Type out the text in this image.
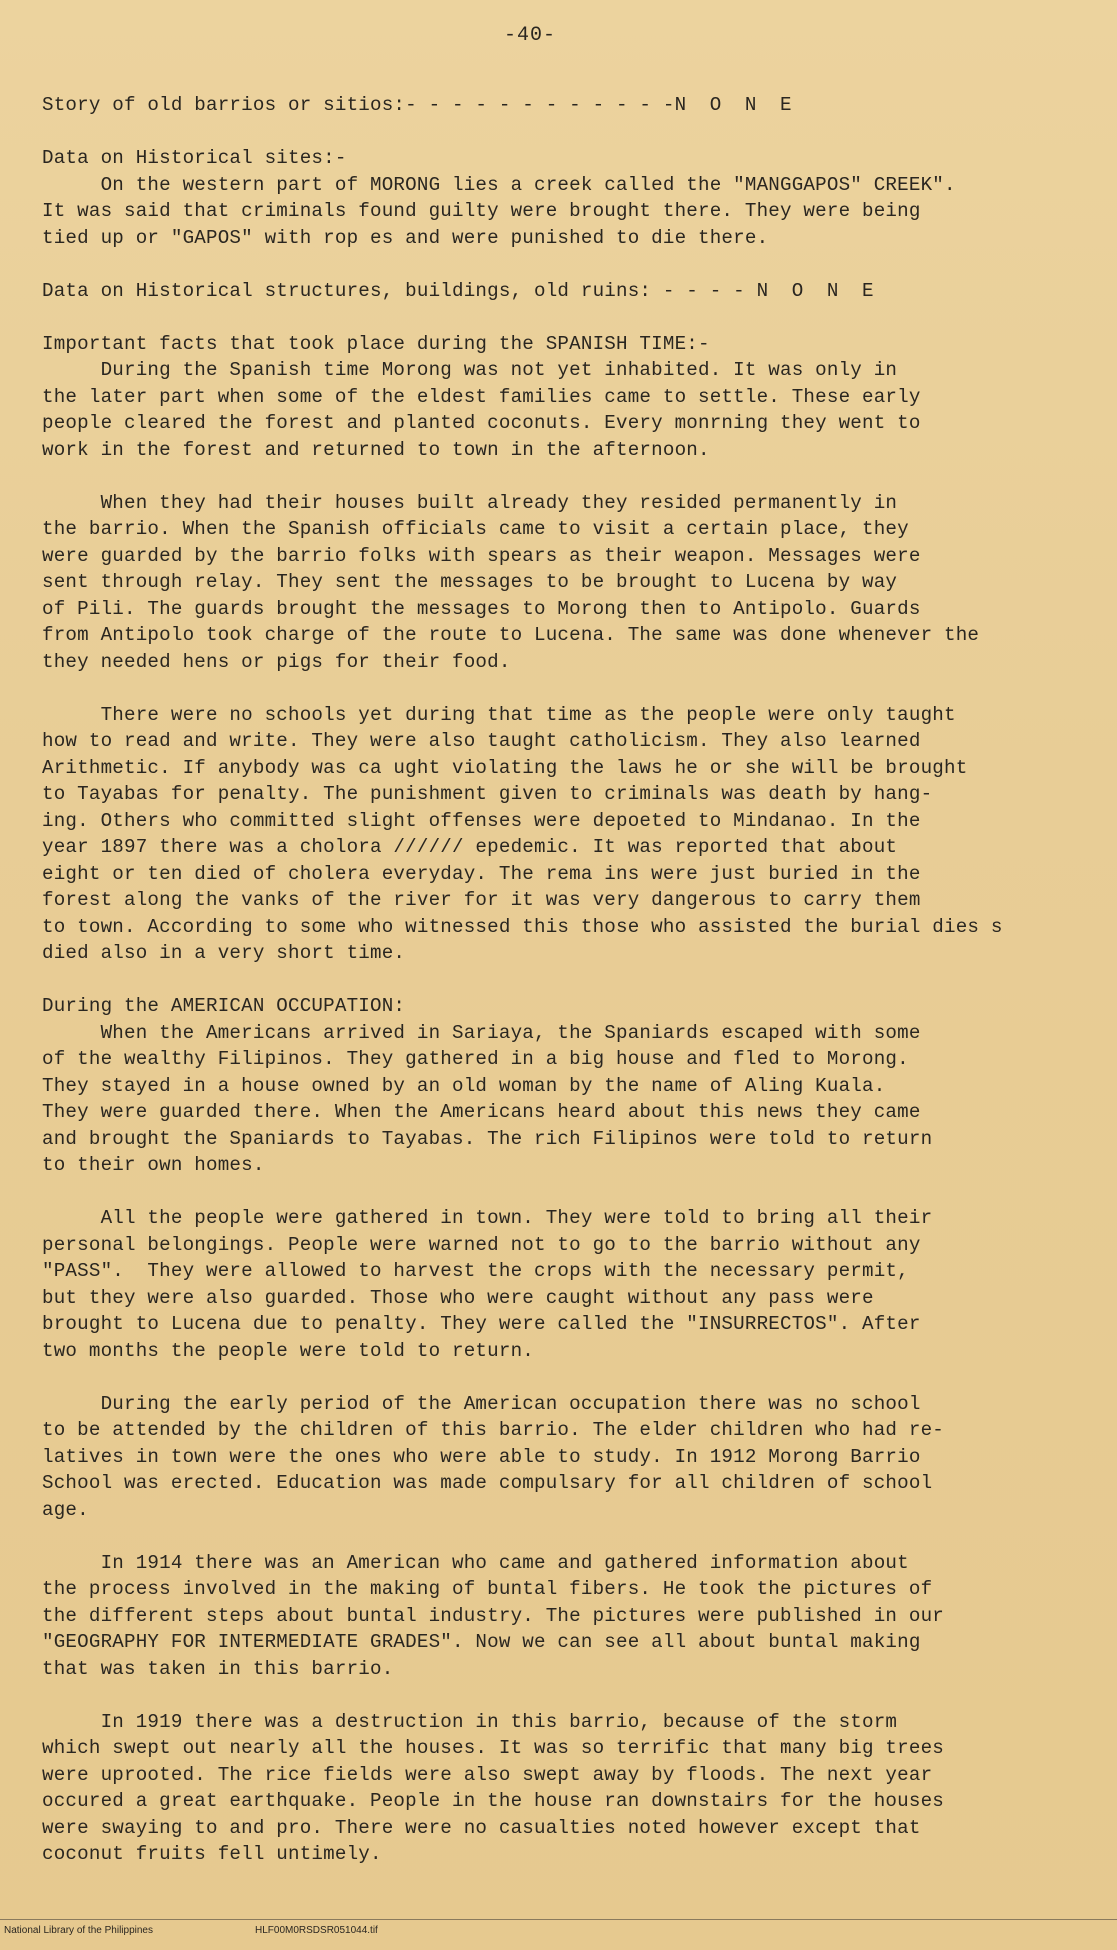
-40-
Story of old barrios or sitios:- - - - - - - - - - - -N  O  N  E
Data on Historical sites:-
On the western part of MORONG lies a creek called the "MANGGAPOS" CREEK".
It was said that criminals found guilty were brought there. They were being
tied up or "GAPOS" with rop es and were punished to die there.
Data on Historical structures, buildings, old ruins: - - - - N  O  N  E
Important facts that took place during the SPANISH TIME:-
During the Spanish time Morong was not yet inhabited. It was only in
the later part when some of the eldest families came to settle. These early
people cleared the forest and planted coconuts. Every monrning they went to
work in the forest and returned to town in the afternoon.
When they had their houses built already they resided permanently in
the barrio. When the Spanish officials came to visit a certain place, they
were guarded by the barrio folks with spears as their weapon. Messages were
sent through relay. They sent the messages to be brought to Lucena by way
of Pili. The guards brought the messages to Morong then to Antipolo. Guards
from Antipolo took charge of the route to Lucena. The same was done whenever the
they needed hens or pigs for their food.
There were no schools yet during that time as the people were only taught
how to read and write. They were also taught catholicism. They also learned
Arithmetic. If anybody was ca ught violating the laws he or she will be brought
to Tayabas for penalty. The punishment given to criminals was death by hang-
ing. Others who committed slight offenses were depoeted to Mindanao. In the
year 1897 there was a cholora ////// epedemic. It was reported that about
eight or ten died of cholera everyday. The rema ins were just buried in the
forest along the vanks of the river for it was very dangerous to carry them
to town. According to some who witnessed this those who assisted the burial dies s
died also in a very short time.
During the AMERICAN OCCUPATION:
When the Americans arrived in Sariaya, the Spaniards escaped with some
of the wealthy Filipinos. They gathered in a big house and fled to Morong.
They stayed in a house owned by an old woman by the name of Aling Kuala.
They were guarded there. When the Americans heard about this news they came
and brought the Spaniards to Tayabas. The rich Filipinos were told to return
to their own homes.
All the people were gathered in town. They were told to bring all their
personal belongings. People were warned not to go to the barrio without any
"PASS".  They were allowed to harvest the crops with the necessary permit,
but they were also guarded. Those who were caught without any pass were
brought to Lucena due to penalty. They were called the "INSURRECTOS". After
two months the people were told to return.
During the early period of the American occupation there was no school
to be attended by the children of this barrio. The elder children who had re-
latives in town were the ones who were able to study. In 1912 Morong Barrio
School was erected. Education was made compulsary for all children of school
age.
In 1914 there was an American who came and gathered information about
the process involved in the making of buntal fibers. He took the pictures of
the different steps about buntal industry. The pictures were published in our
"GEOGRAPHY FOR INTERMEDIATE GRADES". Now we can see all about buntal making
that was taken in this barrio.
In 1919 there was a destruction in this barrio, because of the storm
which swept out nearly all the houses. It was so terrific that many big trees
were uprooted. The rice fields were also swept away by floods. The next year
occured a great earthquake. People in the house ran downstairs for the houses
were swaying to and pro. There were no casualties noted however except that
coconut fruits fell untimely.
National Library of the Philippines	HLF00M0RSDSR051044.tif
